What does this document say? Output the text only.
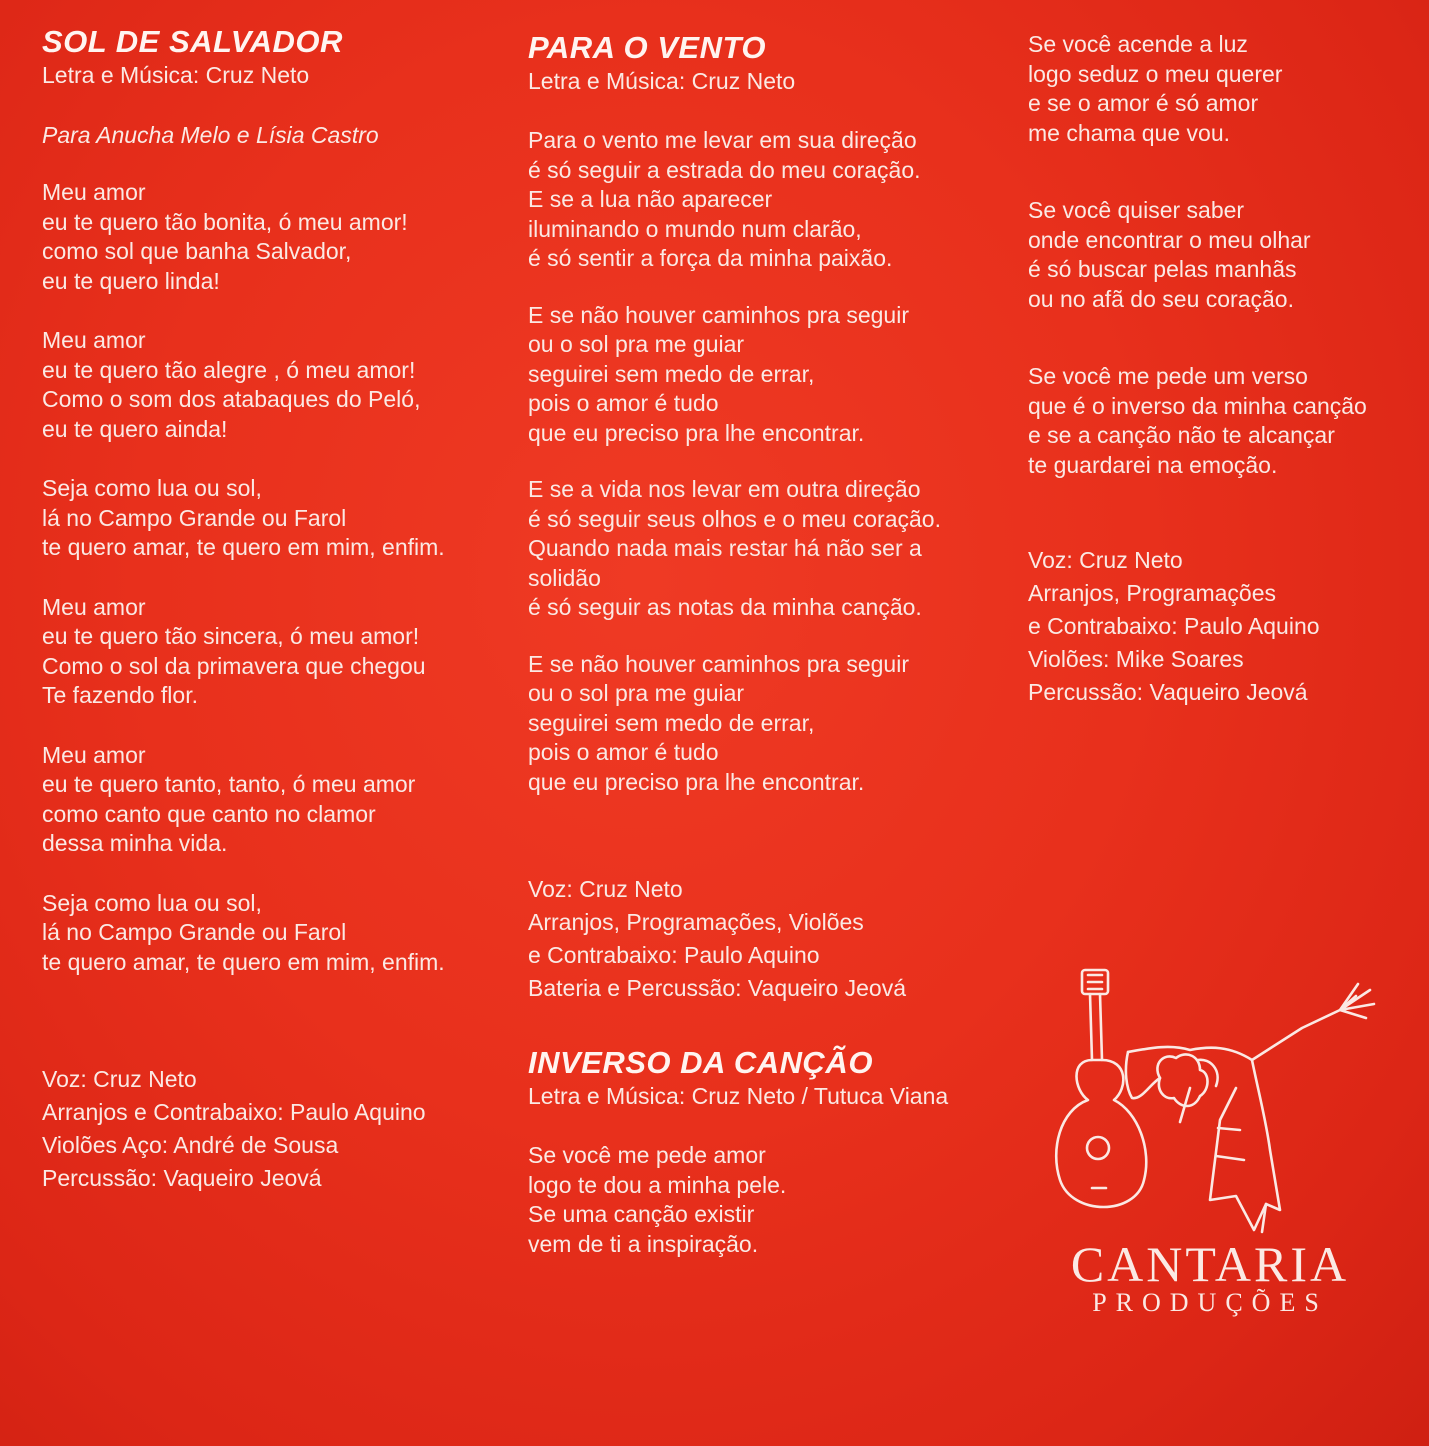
SOL DE SALVADOR

Letra e Música: Cruz Neto

Para Anucha Melo e Lísia Castro

Meu amor
eu te quero tão bonita, ó meu amor!
como sol que banha Salvador,
eu te quero linda!
Meu amor
eu te quero tão alegre , ó meu amor!
Como o som dos atabaques do Peló,
eu te quero ainda!
Seja como lua ou sol,
lá no Campo Grande ou Farol
te quero amar, te quero em mim, enfim.
Meu amor
eu te quero tão sincera, ó meu amor!
Como o sol da primavera que chegou
Te fazendo flor.
Meu amor
eu te quero tanto, tanto, ó meu amor
como canto que canto no clamor
dessa minha vida.
Seja como lua ou sol,
lá no Campo Grande ou Farol
te quero amar, te quero em mim, enfim.
Voz: Cruz Neto
Arranjos e Contrabaixo: Paulo Aquino
Violões Aço: André de Sousa
Percussão: Vaqueiro Jeová
PARA O VENTO

Letra e Música: Cruz Neto

Para o vento me levar em sua direção
é só seguir a estrada do meu coração.
E se a lua não aparecer
iluminando o mundo num clarão,
é só sentir a força da minha paixão.
E se não houver caminhos pra seguir
ou o sol pra me guiar
seguirei sem medo de errar,
pois o amor é tudo
que eu preciso pra lhe encontrar.
E se a vida nos levar em outra direção
é só seguir seus olhos e o meu coração.
Quando nada mais restar há não ser a
solidão
é só seguir as notas da minha canção.
E se não houver caminhos pra seguir
ou o sol pra me guiar
seguirei sem medo de errar,
pois o amor é tudo
que eu preciso pra lhe encontrar.
Voz: Cruz Neto
Arranjos, Programações, Violões
e Contrabaixo: Paulo Aquino
Bateria e Percussão: Vaqueiro Jeová
INVERSO DA CANÇÃO

Letra e Música: Cruz Neto / Tutuca Viana

Se você me pede amor
logo te dou a minha pele.
Se uma canção existir
vem de ti a inspiração.
Se você acende a luz
logo seduz o meu querer
e se o amor é só amor
me chama que vou.
Se você quiser saber
onde encontrar o meu olhar
é só buscar pelas manhãs
ou no afã do seu coração.
Se você me pede um verso
que é o inverso da minha canção
e se a canção não te alcançar
te guardarei na emoção.
Voz: Cruz Neto
Arranjos, Programações
e Contrabaixo: Paulo Aquino
Violões: Mike Soares
Percussão: Vaqueiro Jeová
CANTARIA
PRODUÇÕES
